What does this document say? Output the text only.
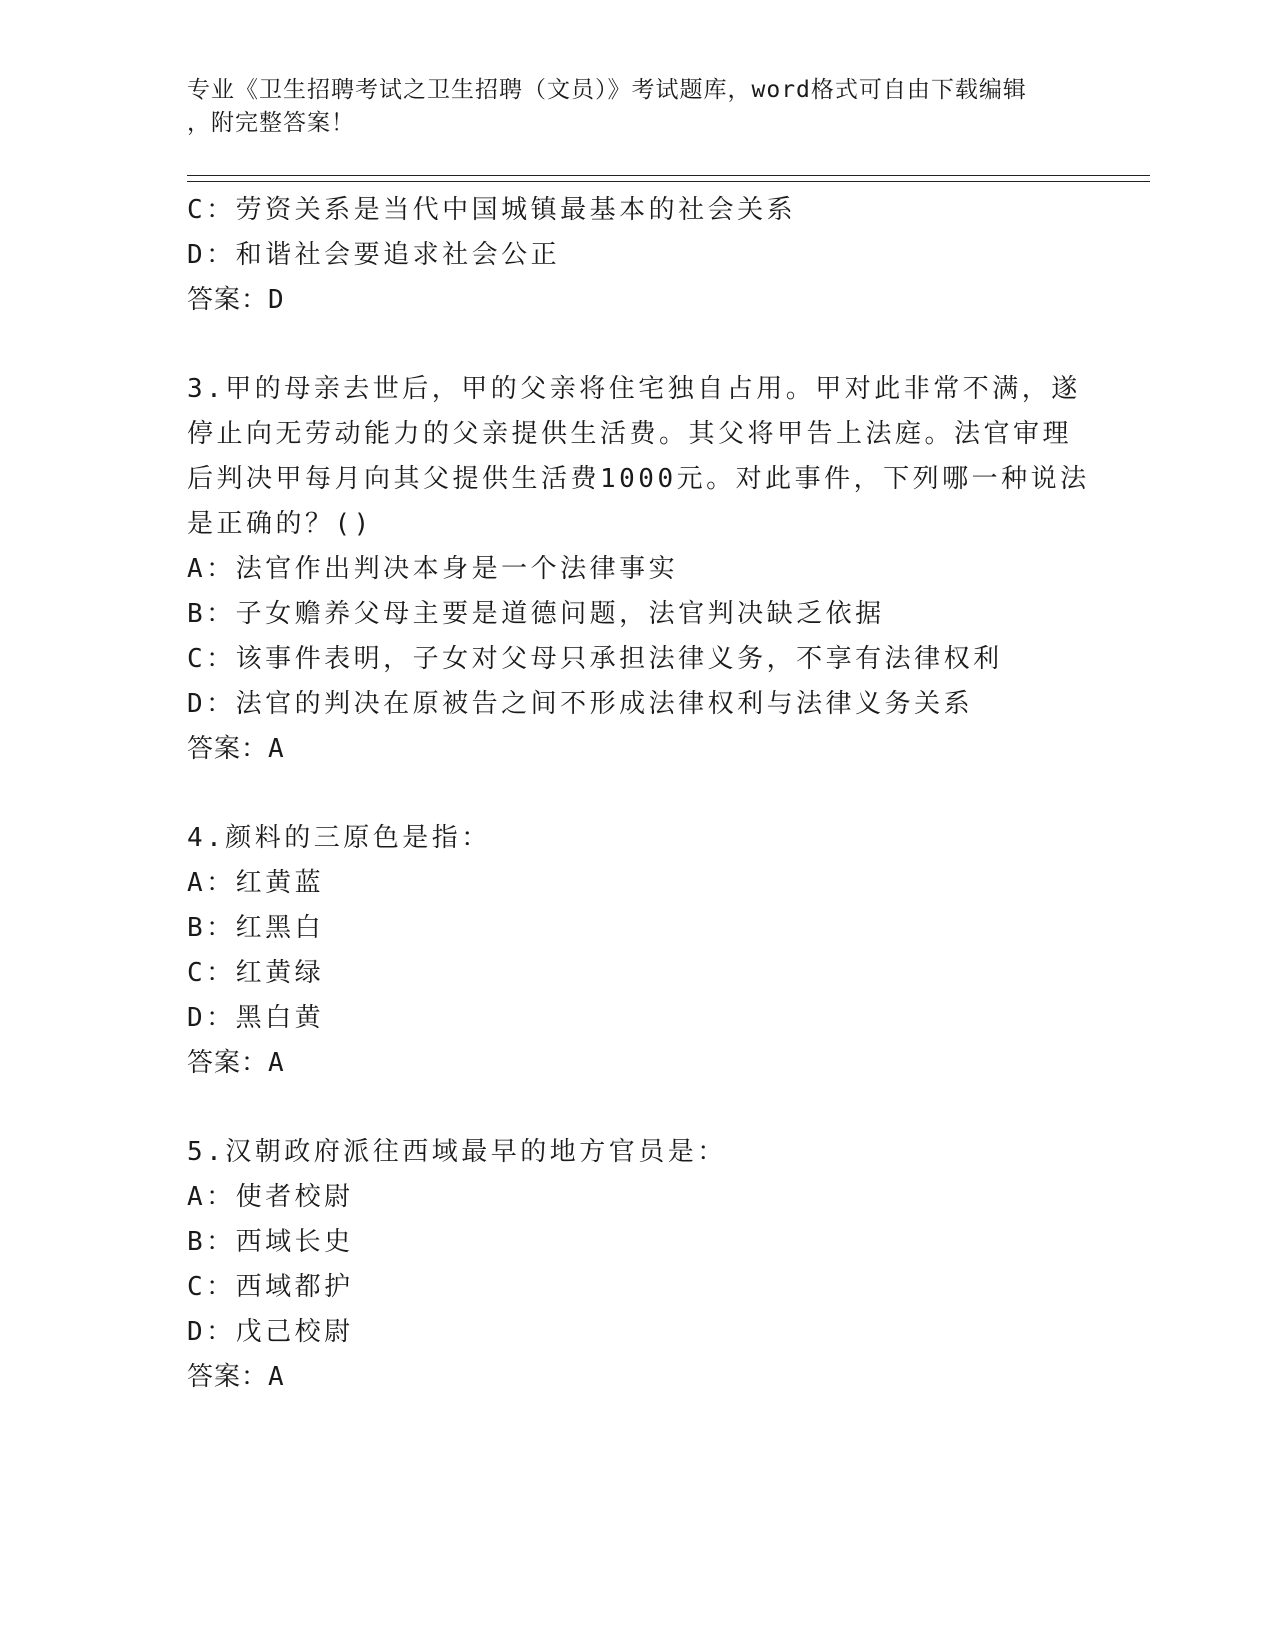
专业《卫生招聘考试之卫生招聘（文员）》考试题库，word格式可自由下载编辑
，附完整答案！
C：劳资关系是当代中国城镇最基本的社会关系
D：和谐社会要追求社会公正
答案：D
3.甲的母亲去世后，甲的父亲将住宅独自占用。甲对此非常不满，遂
停止向无劳动能力的父亲提供生活费。其父将甲告上法庭。法官审理
后判决甲每月向其父提供生活费1000元。对此事件，下列哪一种说法
是正确的？()
A：法官作出判决本身是一个法律事实
B：子女赡养父母主要是道德问题，法官判决缺乏依据
C：该事件表明，子女对父母只承担法律义务，不享有法律权利
D：法官的判决在原被告之间不形成法律权利与法律义务关系
答案：A
4.颜料的三原色是指：
A：红黄蓝
B：红黑白
C：红黄绿
D：黑白黄
答案：A
5.汉朝政府派往西域最早的地方官员是：
A：使者校尉
B：西域长史
C：西域都护
D：戊己校尉
答案：A
